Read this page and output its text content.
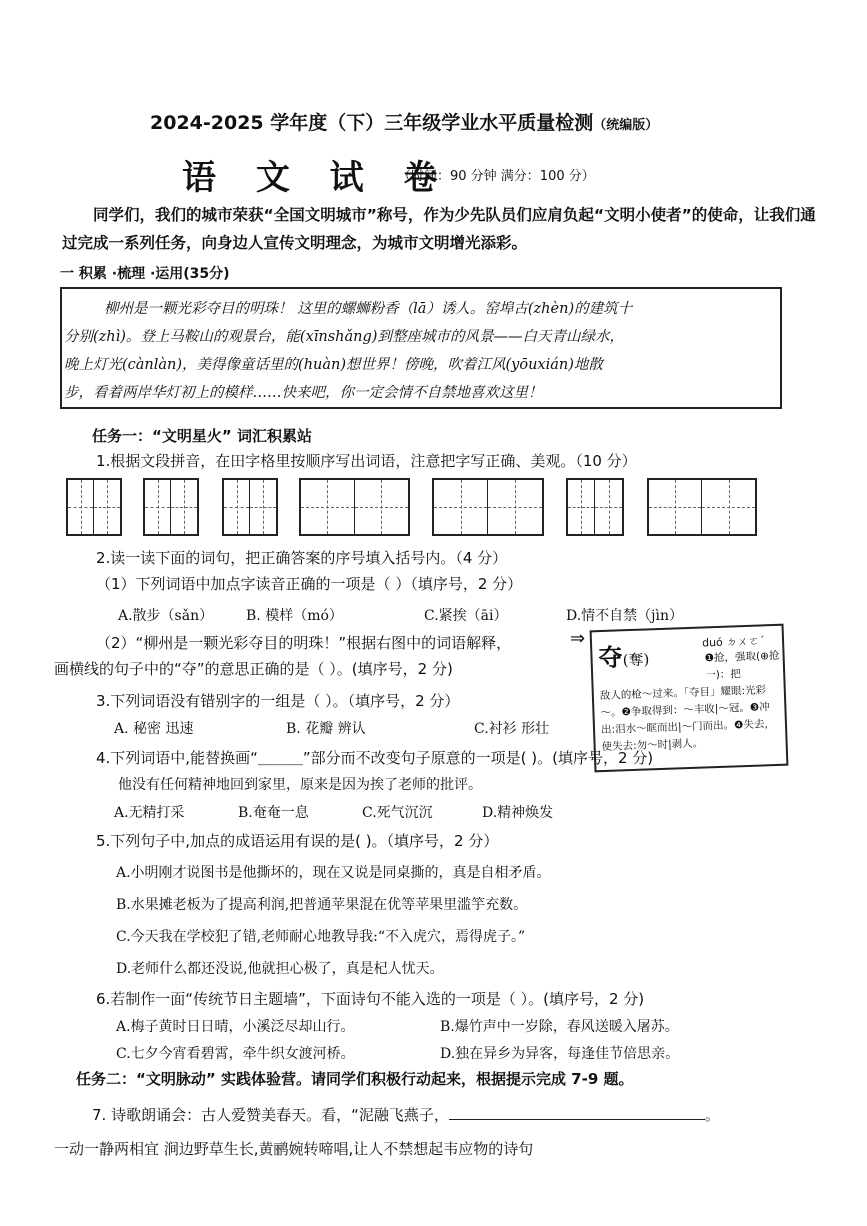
2024-2025 学年度（下）三年级学业水平质量检测（统编版）
语 文 试 卷
（时间：90 分钟 满分：100 分）
同学们，我们的城市荣获“全国文明城市”称号，作为少先队员们应肩负起“文明小使者”的使命，让我们通过完成一系列任务，向身边人宣传文明理念，为城市文明增光添彩。
一 积累 ·梳理 ·运用(35分)
柳州是一颗光彩夺目的明珠！ 这里的螺蛳粉香（lā）诱人。窑埠古(zhèn)的建筑十
分别(zhì)。登上马鞍山的观景台，能(xīnshǎng)到整座城市的风景——白天青山绿水，
晚上灯光(cànlàn)，美得像童话里的(huàn)想世界！傍晚，吹着江风(yōuxián)地散
步，看着两岸华灯初上的模样……快来吧，你一定会情不自禁地喜欢这里！
任务一：“文明星火” 词汇积累站
1.根据文段拼音，在田字格里按顺序写出词语，注意把字写正确、美观。（10 分）
2.读一读下面的词句，把正确答案的序号填入括号内。（4 分）
（1）下列词语中加点字读音正确的一项是（ ）（填序号，2 分）
A.散步（sǎn） B. 模样（mó）	C.紧挨（āi）	D.情不自禁（jìn）
（2）“柳州是一颗光彩夺目的明珠！”根据右图中的词语解释，	⇒
画横线的句子中的“夺”的意思正确的是（ ）。(填序号，2 分)	夺(奪)
duó ㄉㄨㄛˊ
❶抢，强取(⊕抢一)：把
敌人的枪～过来。「夺目」耀眼:光彩～。❷争取得到：～丰收|～冠。❸冲出:泪水～眶而出|～门而出。❹失去，使失去:勿～时|剥人。
3.下列词语没有错别字的一组是（ ）。（填序号，2 分）
A. 秘密 迅速	B. 花瓣 辨认	C.衬衫 形壮
4.下列词语中,能替换画“＿＿＿”部分而不改变句子原意的一项是( )。(填序号，2 分)
他没有任何精神地回到家里，原来是因为挨了老师的批评。
A.无精打采	B.奄奄一息	C.死气沉沉	D.精神焕发
5.下列句子中,加点的成语运用有误的是( )。（填序号，2 分）
A.小明刚才说图书是他撕坏的，现在又说是同桌撕的，真是自相矛盾。
B.水果摊老板为了提高利润,把普通苹果混在优等苹果里滥竽充数。
C.今天我在学校犯了错,老师耐心地教导我:“不入虎穴，焉得虎子。”
D.老师什么都还没说,他就担心极了，真是杞人忧天。
6.若制作一面“传统节日主题墙”，下面诗句不能入选的一项是（ ）。(填序号，2 分)
A.梅子黄时日日晴，小溪泛尽却山行。	B.爆竹声中一岁除，春风送暖入屠苏。
C.七夕今宵看碧霄，牵牛织女渡河桥。	D.独在异乡为异客，每逢佳节倍思亲。
任务二：“文明脉动” 实践体验营。请同学们积极行动起来，根据提示完成 7-9 题。
7. 诗歌朗诵会：古人爱赞美春天。看，“泥融飞燕子，	。
一动一静两相宜 涧边野草生长,黄鹂婉转啼唱,让人不禁想起韦应物的诗句
